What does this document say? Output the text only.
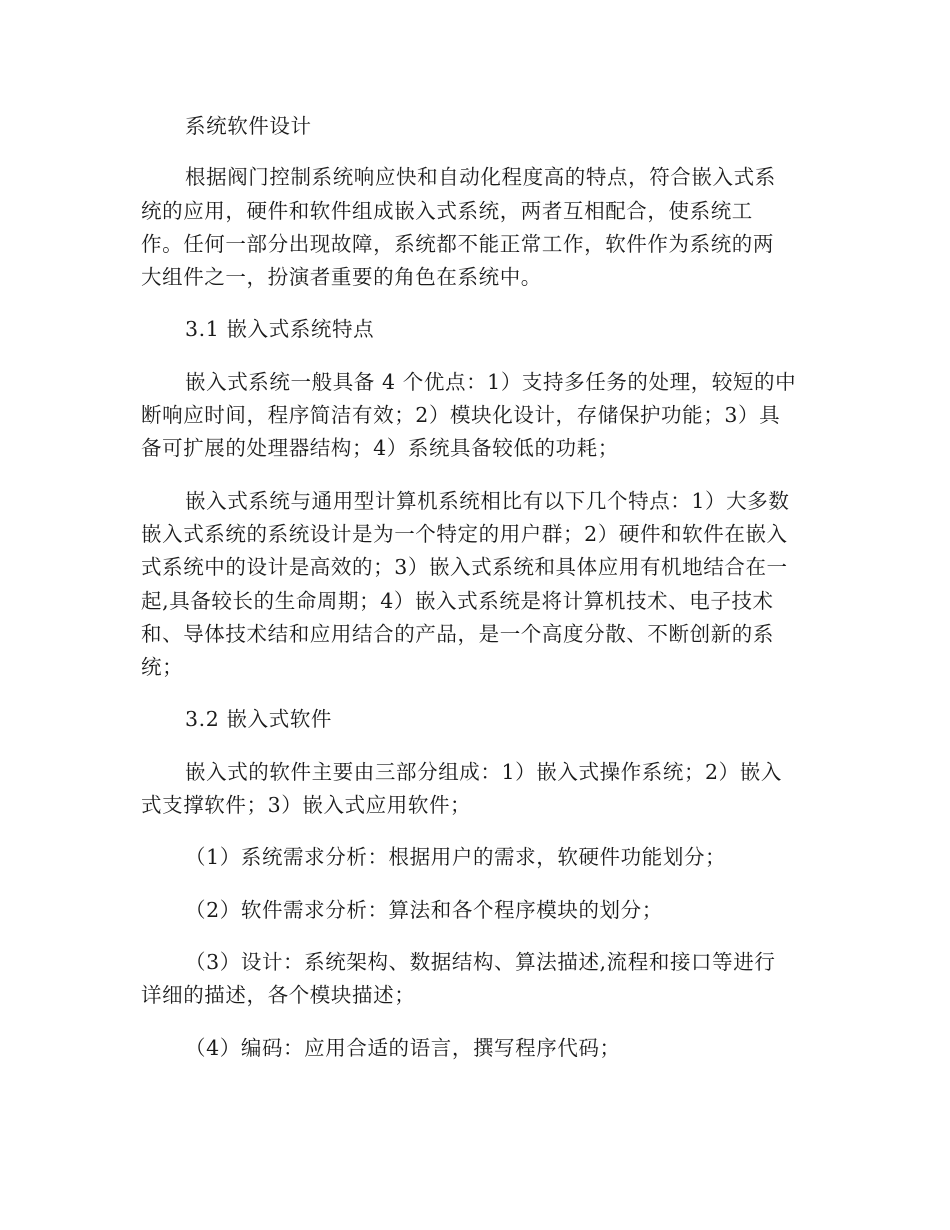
系统软件设计
根据阀门控制系统响应快和自动化程度高的特点，符合嵌入式系
统的应用，硬件和软件组成嵌入式系统，两者互相配合，使系统工
作。任何一部分出现故障，系统都不能正常工作，软件作为系统的两
大组件之一，扮演者重要的角色在系统中。
3.1 嵌入式系统特点
嵌入式系统一般具备 4 个优点：1）支持多任务的处理，较短的中
断响应时间，程序简洁有效；2）模块化设计，存储保护功能；3）具
备可扩展的处理器结构；4）系统具备较低的功耗；
嵌入式系统与通用型计算机系统相比有以下几个特点：1）大多数
嵌入式系统的系统设计是为一个特定的用户群；2）硬件和软件在嵌入
式系统中的设计是高效的；3）嵌入式系统和具体应用有机地结合在一
起,具备较长的生命周期；4）嵌入式系统是将计算机技术、电子技术
和、导体技术结和应用结合的产品，是一个高度分散、不断创新的系
统；
3.2 嵌入式软件
嵌入式的软件主要由三部分组成：1）嵌入式操作系统；2）嵌入
式支撑软件；3）嵌入式应用软件；
（1）系统需求分析：根据用户的需求，软硬件功能划分；
（2）软件需求分析：算法和各个程序模块的划分；
（3）设计：系统架构、数据结构、算法描述,流程和接口等进行
详细的描述，各个模块描述；
（4）编码：应用合适的语言，撰写程序代码；
